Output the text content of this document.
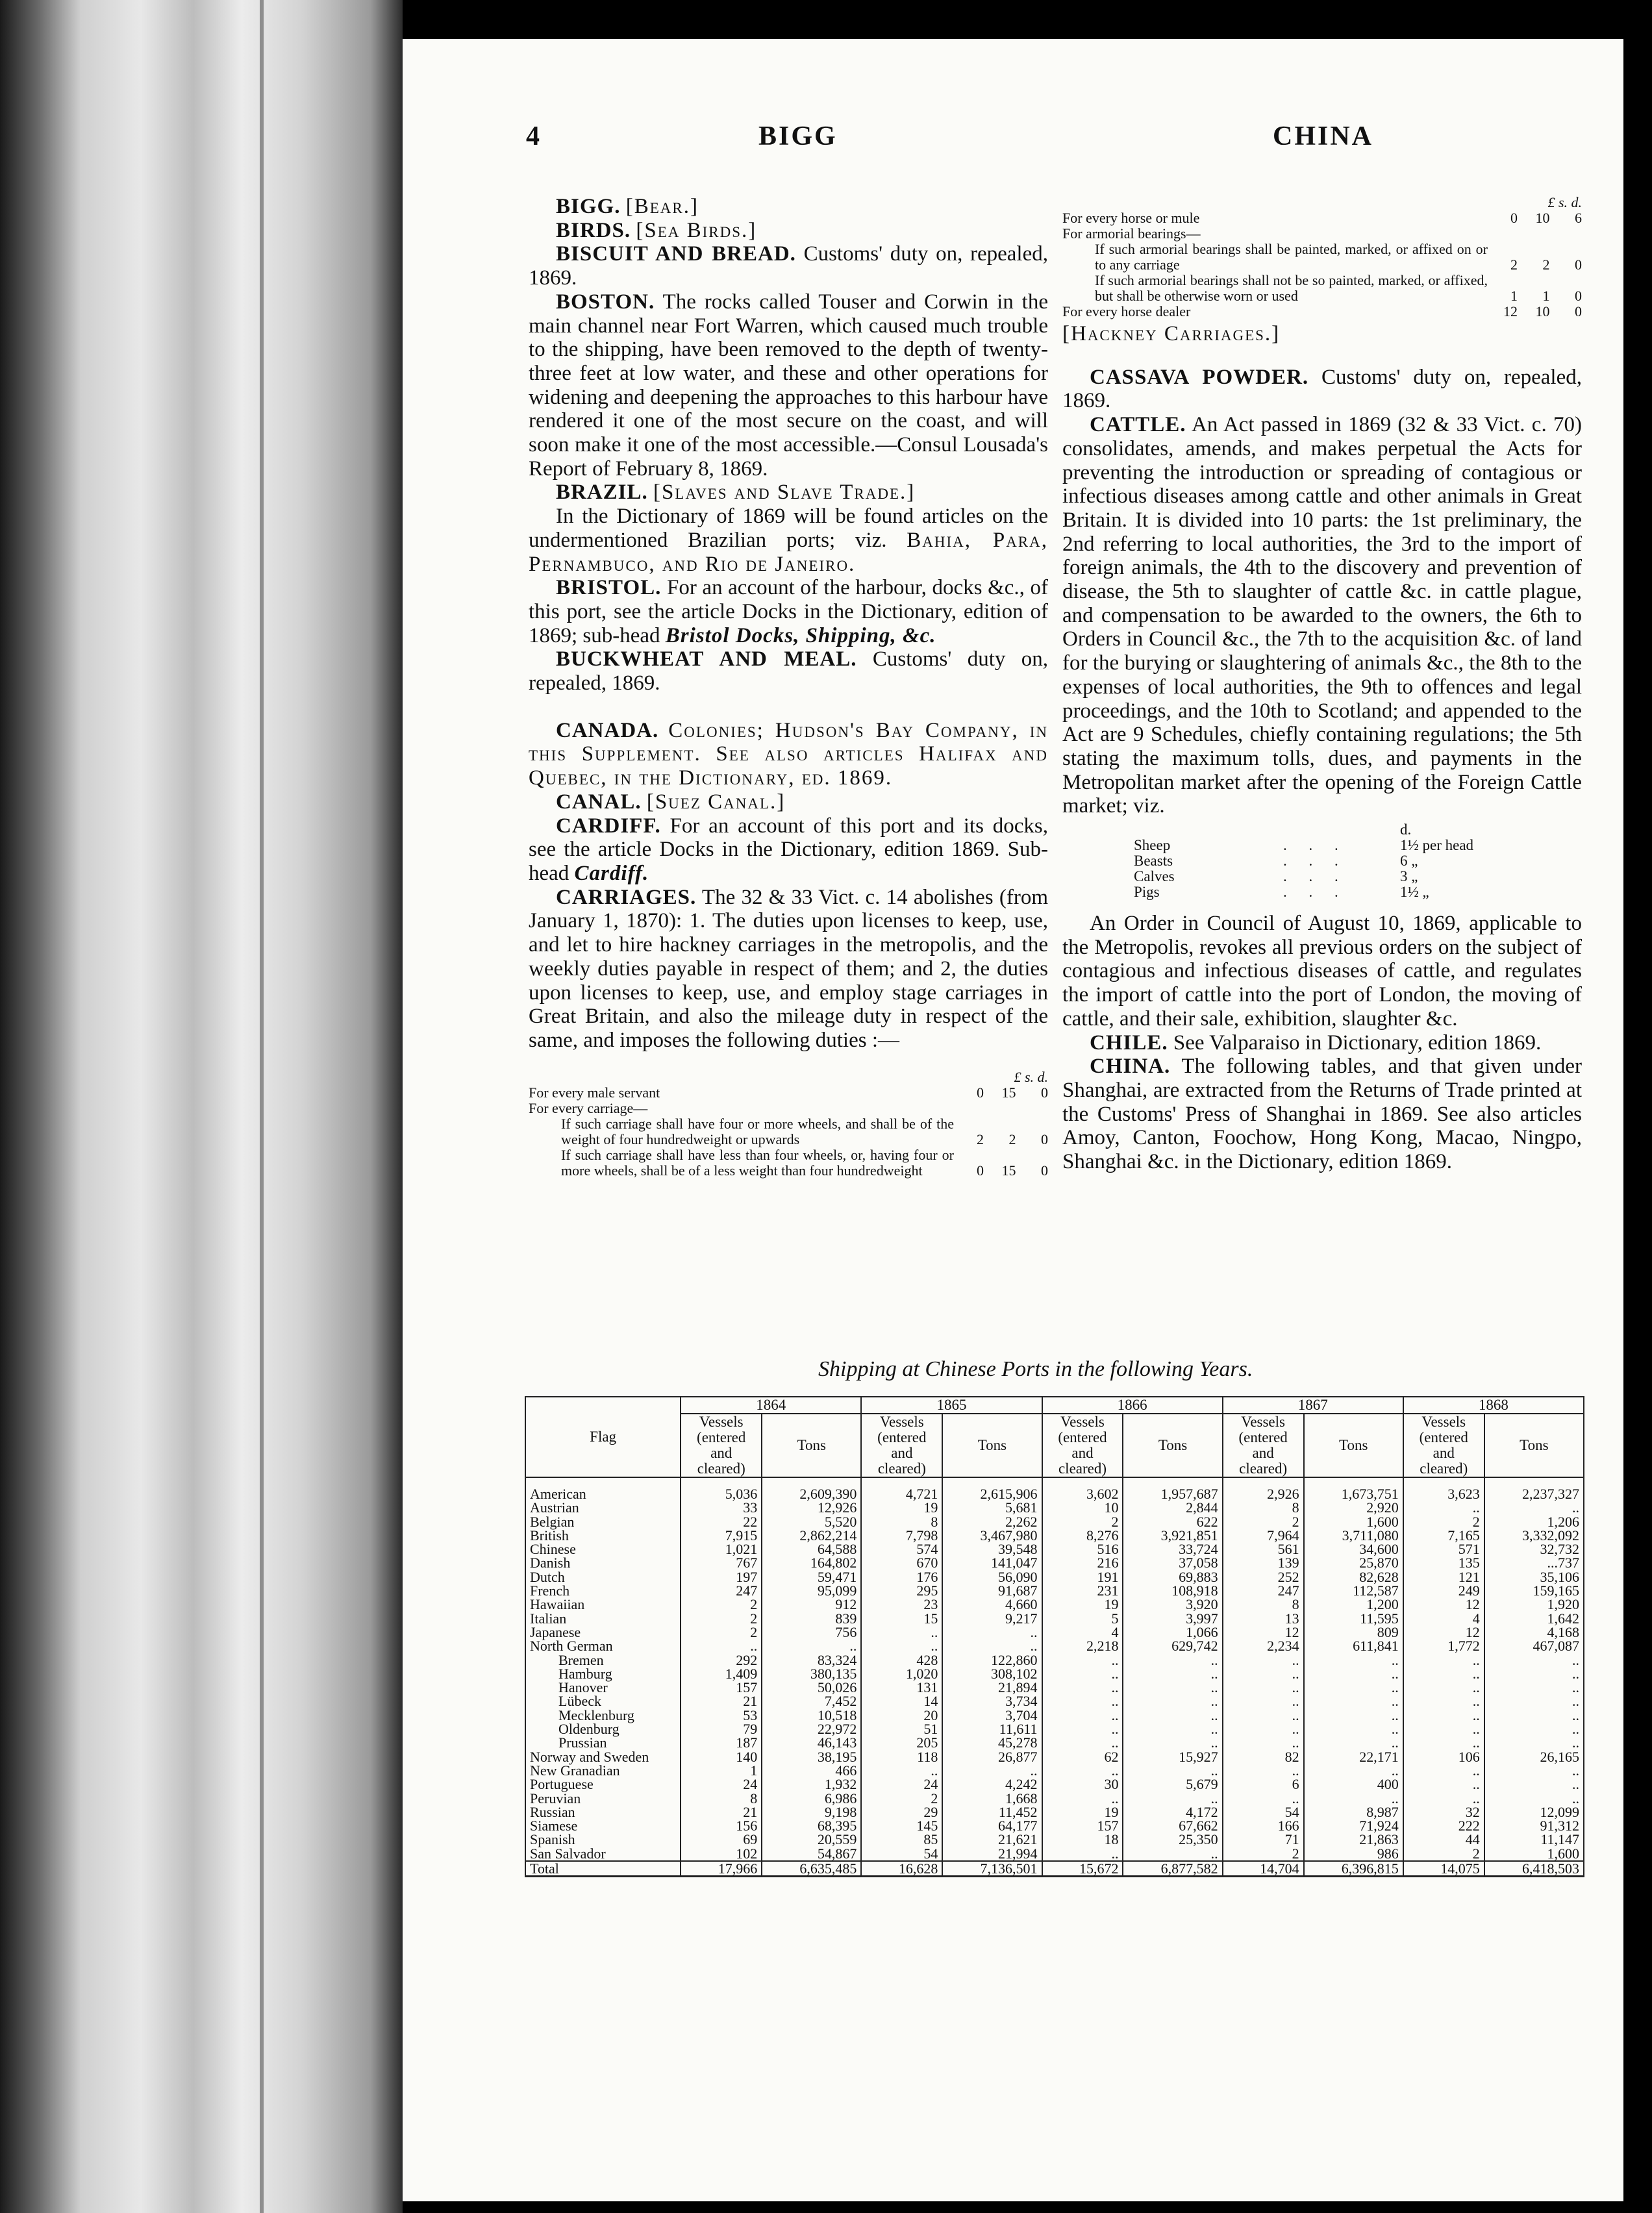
4	BIGG	CHINA

BIGG. [Bear.]

BIRDS. [Sea Birds.]

BISCUIT AND BREAD. Customs' duty on, repealed, 1869.

BOSTON. The rocks called Touser and Corwin in the main channel near Fort Warren, which caused much trouble to the shipping, have been removed to the depth of twenty-three feet at low water, and these and other operations for widening and deepening the approaches to this harbour have rendered it one of the most secure on the coast, and will soon make it one of the most accessible.—Consul Lousada's Report of February 8, 1869.

BRAZIL. [Slaves and Slave Trade.]

In the Dictionary of 1869 will be found articles on the undermentioned Brazilian ports; viz. Bahia, Para, Pernambuco, and Rio de Janeiro.

BRISTOL. For an account of the harbour, docks &c., of this port, see the article Docks in the Dictionary, edition of 1869; sub-head Bristol Docks, Shipping, &c.

BUCKWHEAT AND MEAL. Customs' duty on, repealed, 1869.

CANADA. Colonies; Hudson's Bay Company, in this Supplement. See also articles Halifax and Quebec, in the Dictionary, ed. 1869.

CANAL. [Suez Canal.]

CARDIFF. For an account of this port and its docks, see the article Docks in the Dictionary, edition 1869. Sub-head Cardiff.

CARRIAGES. The 32 & 33 Vict. c. 14 abolishes (from January 1, 1870): 1. The duties upon licenses to keep, use, and let to hire hackney carriages in the metropolis, and the weekly duties payable in respect of them; and 2, the duties upon licenses to keep, use, and employ stage carriages in Great Britain, and also the mileage duty in respect of the same, and imposes the following duties :—

£ s. d.
For every male servant	0	15	0
For every carriage—
If such carriage shall have four or more wheels, and shall be of the weight of four hundredweight or upwards	2	2	0
If such carriage shall have less than four wheels, or, having four or more wheels, shall be of a less weight than four hundredweight	0	15	0
£ s. d.
For every horse or mule	0	10	6
For armorial bearings—
If such armorial bearings shall be painted, marked, or affixed on or to any carriage	2	2	0
If such armorial bearings shall not be so painted, marked, or affixed, but shall be otherwise worn or used	1	1	0
For every horse dealer	12	10	0

[Hackney Carriages.]

CASSAVA POWDER. Customs' duty on, repealed, 1869.

CATTLE. An Act passed in 1869 (32 & 33 Vict. c. 70) consolidates, amends, and makes perpetual the Acts for preventing the introduction or spreading of contagious or infectious diseases among cattle and other animals in Great Britain. It is divided into 10 parts: the 1st preliminary, the 2nd referring to local authorities, the 3rd to the import of foreign animals, the 4th to the discovery and prevention of disease, the 5th to slaughter of cattle &c. in cattle plague, and compensation to be awarded to the owners, the 6th to Orders in Council &c., the 7th to the acquisition &c. of land for the burying or slaughtering of animals &c., the 8th to the expenses of local authorities, the 9th to offences and legal proceedings, and the 10th to Scotland; and appended to the Act are 9 Schedules, chiefly containing regulations; the 5th stating the maximum tolls, dues, and payments in the Metropolitan market after the opening of the Foreign Cattle market; viz.

d.
Sheep	. . .	1½ per head
Beasts	. . .	6 „
Calves	. . .	3 „
Pigs	. . .	1½ „

An Order in Council of August 10, 1869, applicable to the Metropolis, revokes all previous orders on the subject of contagious and infectious diseases of cattle, and regulates the import of cattle into the port of London, the moving of cattle, and their sale, exhibition, slaughter &c.

CHILE. See Valparaiso in Dictionary, edition 1869.

CHINA. The following tables, and that given under Shanghai, are extracted from the Returns of Trade printed at the Customs' Press of Shanghai in 1869. See also articles Amoy, Canton, Foochow, Hong Kong, Macao, Ningpo, Shanghai &c. in the Dictionary, edition 1869.

Shipping at Chinese Ports in the following Years.
Flag	1864		1865		1866		1867		1868	
	Vessels (entered and cleared)	Tons	Vessels (entered and cleared)	Tons	Vessels (entered and cleared)	Tons	Vessels (entered and cleared)	Tons	Vessels (entered and cleared)	Tons
American	5,036	2,609,390	4,721	2,615,906	3,602	1,957,687	2,926	1,673,751	3,623	2,237,327
Austrian	33	12,926	19	5,681	10	2,844	8	2,920	..	..
Belgian	22	5,520	8	2,262	2	622	2	1,600	2	1,206
British	7,915	2,862,214	7,798	3,467,980	8,276	3,921,851	7,964	3,711,080	7,165	3,332,092
Chinese	1,021	64,588	574	39,548	516	33,724	561	34,600	571	32,732
Danish	767	164,802	670	141,047	216	37,058	139	25,870	135	...737
Dutch	197	59,471	176	56,090	191	69,883	252	82,628	121	35,106
French	247	95,099	295	91,687	231	108,918	247	112,587	249	159,165
Hawaiian	2	912	23	4,660	19	3,920	8	1,200	12	1,920
Italian	2	839	15	9,217	5	3,997	13	11,595	4	1,642
Japanese	2	756	..	..	4	1,066	12	809	12	4,168
North German	..	..	..	..	2,218	629,742	2,234	611,841	1,772	467,087
Bremen	292	83,324	428	122,860	..	..	..	..	..	..
Hamburg	1,409	380,135	1,020	308,102	..	..	..	..	..	..
Hanover	157	50,026	131	21,894	..	..	..	..	..	..
Lübeck	21	7,452	14	3,734	..	..	..	..	..	..
Mecklenburg	53	10,518	20	3,704	..	..	..	..	..	..
Oldenburg	79	22,972	51	11,611	..	..	..	..	..	..
Prussian	187	46,143	205	45,278	..	..	..	..	..	..
Norway and Sweden	140	38,195	118	26,877	62	15,927	82	22,171	106	26,165
New Granadian	1	466	..	..	..	..	..	..	..	..
Portuguese	24	1,932	24	4,242	30	5,679	6	400	..	..
Peruvian	8	6,986	2	1,668	..	..	..	..	..	..
Russian	21	9,198	29	11,452	19	4,172	54	8,987	32	12,099
Siamese	156	68,395	145	64,177	157	67,662	166	71,924	222	91,312
Spanish	69	20,559	85	21,621	18	25,350	71	21,863	44	11,147
San Salvador	102	54,867	54	21,994	..	..	2	986	2	1,600
Total	17,966	6,635,485	16,628	7,136,501	15,672	6,877,582	14,704	6,396,815	14,075	6,418,503
